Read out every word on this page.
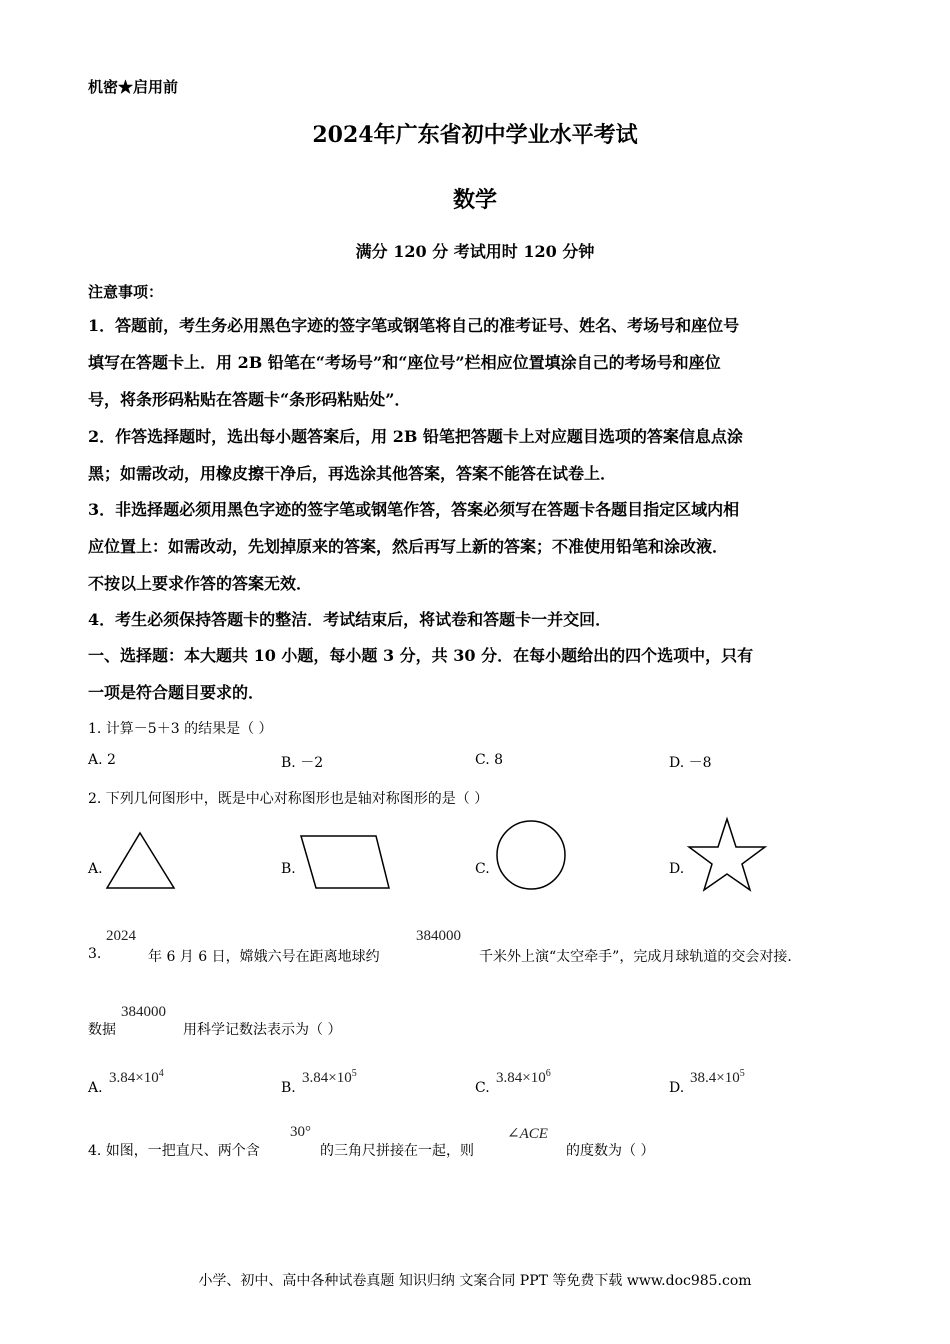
机密★启用前
2024年广东省初中学业水平考试
数学
满分 120 分 考试用时 120 分钟
注意事项：
1．答题前，考生务必用黑色字迹的签字笔或钢笔将自己的准考证号、姓名、考场号和座位号
填写在答题卡上．用 2B 铅笔在“考场号”和“座位号”栏相应位置填涂自己的考场号和座位
号，将条形码粘贴在答题卡“条形码粘贴处”．
2．作答选择题时，选出每小题答案后，用 2B 铅笔把答题卡上对应题目选项的答案信息点涂
黑；如需改动，用橡皮擦干净后，再选涂其他答案，答案不能答在试卷上．
3．非选择题必须用黑色字迹的签字笔或钢笔作答，答案必须写在答题卡各题目指定区域内相
应位置上：如需改动，先划掉原来的答案，然后再写上新的答案；不准使用铅笔和涂改液．
不按以上要求作答的答案无效．
4．考生必须保持答题卡的整洁．考试结束后，将试卷和答题卡一并交回．
一、选择题：本大题共 10 小题，每小题 3 分，共 30 分．在每小题给出的四个选项中，只有
一项是符合题目要求的．
1. 计算－5＋3 的结果是（ ）
A. 2	B. －2	C. 8	D. －8
2. 下列几何图形中，既是中心对称图形也是轴对称图形的是（ ）
A.	B.	C.	D.
3.
2024
年 6 月 6 日，嫦娥六号在距离地球约
384000
千米外上演“太空牵手”，完成月球轨道的交会对接．
数据
384000
用科学记数法表示为（ ）
A.
$3.84\times 10^4$
B.
$3.84\times 10^5$
C.
$3.84\times 10^6$
D.
$38.4\times 10^5$
4. 如图，一把直尺、两个含
30°
的三角尺拼接在一起，则
∠ACE
的度数为（ ）
小学、初中、高中各种试卷真题 知识归纳 文案合同 PPT 等免费下载 www.doc985.com
